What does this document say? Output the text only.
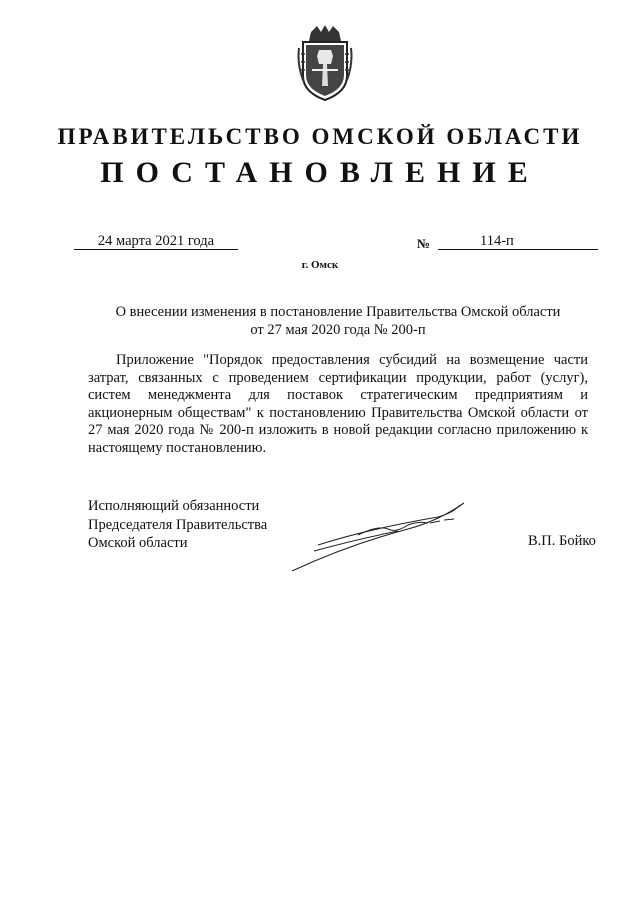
ПРАВИТЕЛЬСТВО ОМСКОЙ ОБЛАСТИ
ПОСТАНОВЛЕНИЕ
24 марта 2021 года	№	114-п
г. Омск
О внесении изменения в постановление Правительства Омской области
от 27 мая 2020 года № 200-п
Приложение "Порядок предоставления субсидий на возмещение части затрат, связанных с проведением сертификации продукции, работ (услуг), систем менеджмента для поставок стратегическим предприятиям и акционерным обществам" к постановлению Правительства Омской области от 27 мая 2020 года № 200-п изложить в новой редакции согласно приложению к настоящему постановлению.
Исполняющий обязанности
Председателя Правительства
Омской области	В.П. Бойко
